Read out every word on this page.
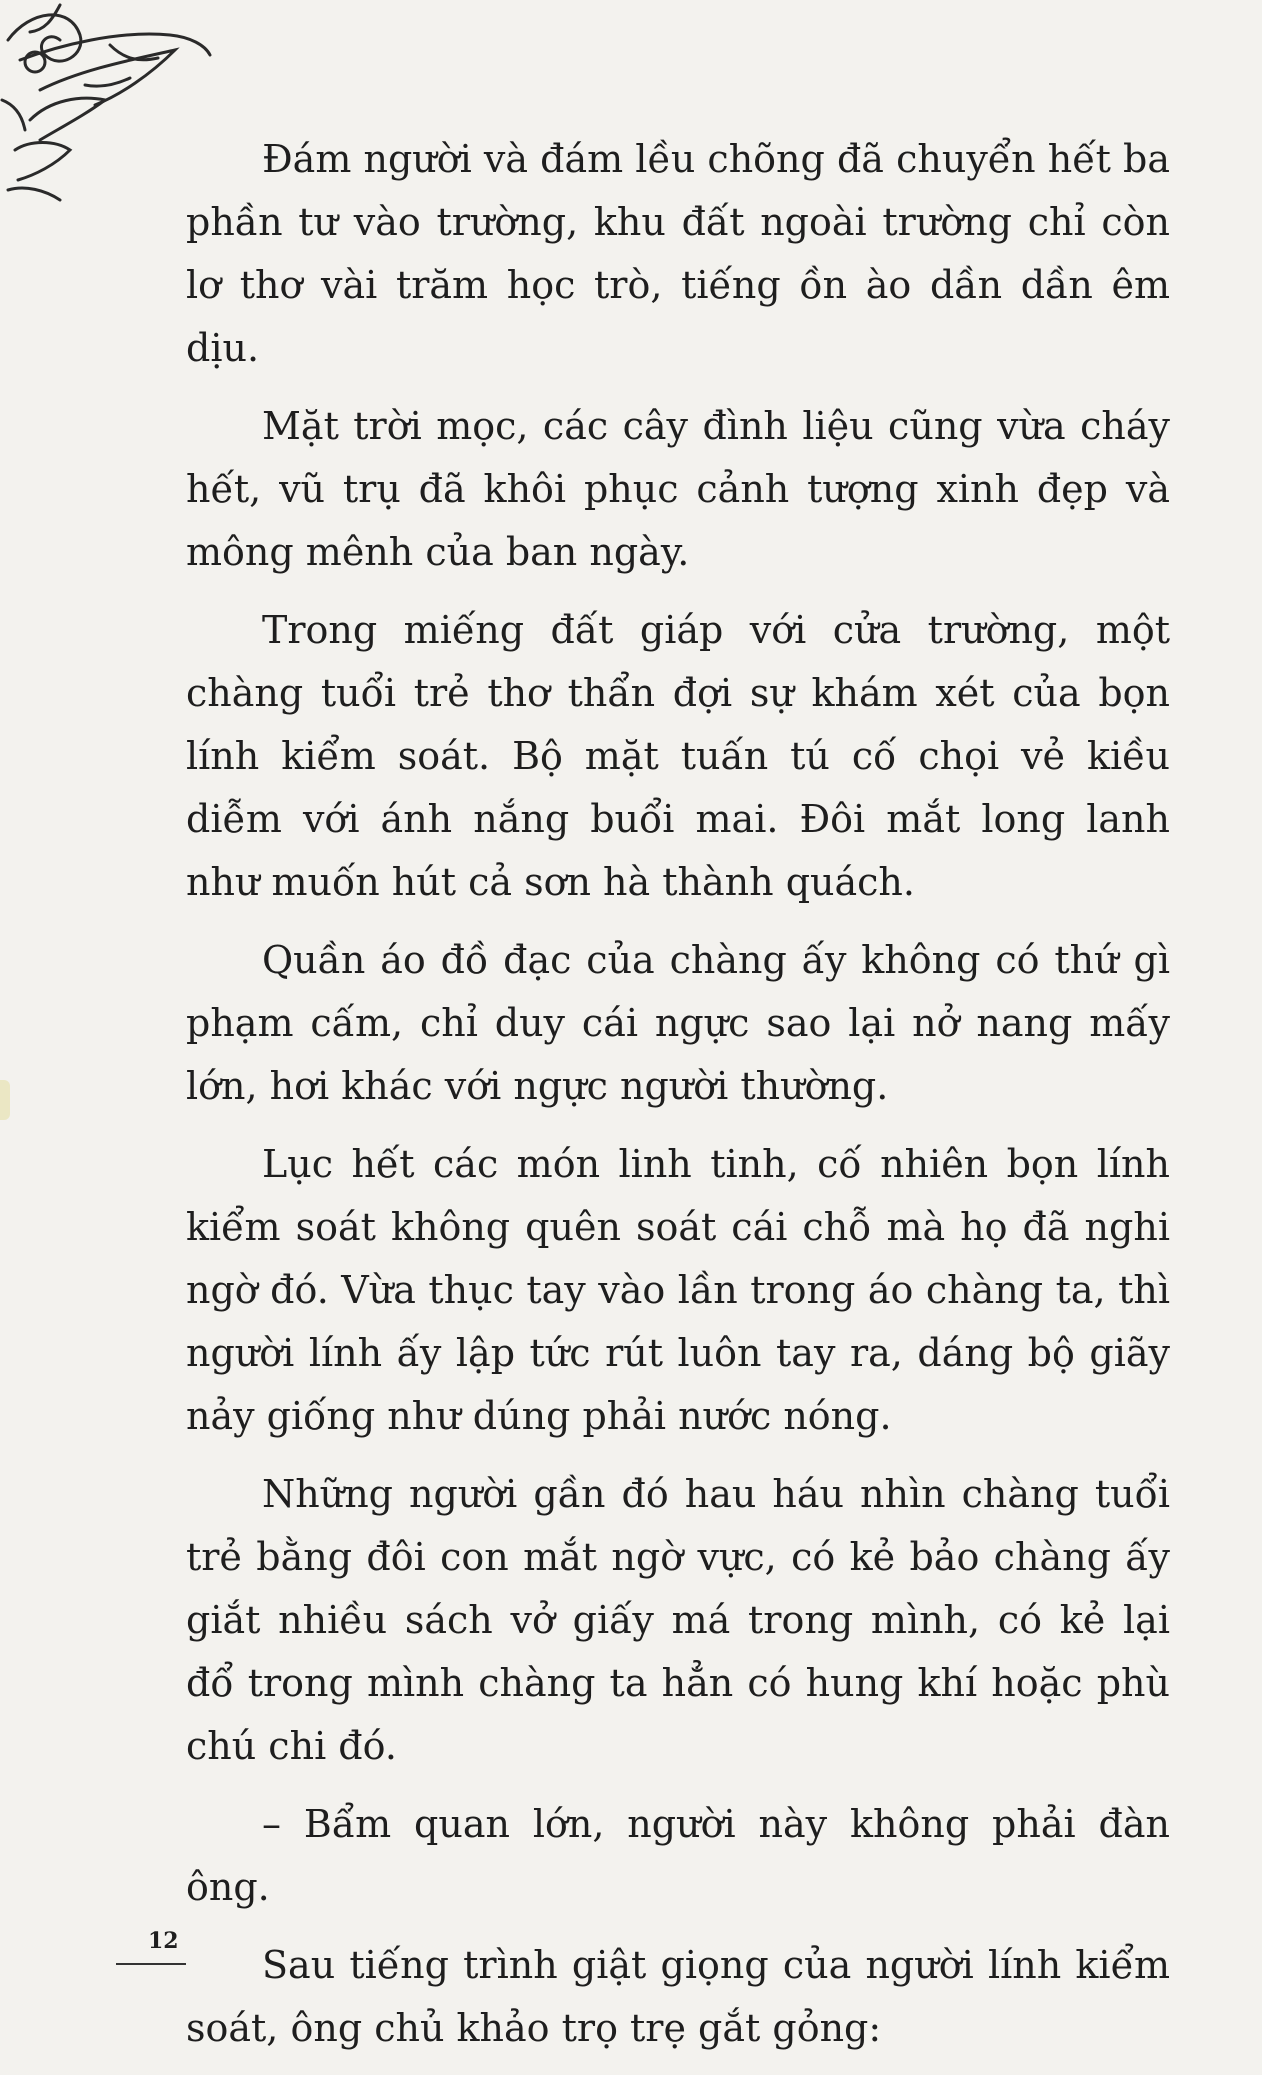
Đám người và đám lều chõng đã chuyển hết ba phần tư vào trường, khu đất ngoài trường chỉ còn lơ thơ vài trăm học trò, tiếng ồn ào dần dần êm dịu.

Mặt trời mọc, các cây đình liệu cũng vừa cháy hết, vũ trụ đã khôi phục cảnh tượng xinh đẹp và mông mênh của ban ngày.

Trong miếng đất giáp với cửa trường, một chàng tuổi trẻ thơ thẩn đợi sự khám xét của bọn lính kiểm soát. Bộ mặt tuấn tú cố chọi vẻ kiều diễm với ánh nắng buổi mai. Đôi mắt long lanh như muốn hút cả sơn hà thành quách.

Quần áo đồ đạc của chàng ấy không có thứ gì phạm cấm, chỉ duy cái ngực sao lại nở nang mấy lớn, hơi khác với ngực người thường.

Lục hết các món linh tinh, cố nhiên bọn lính kiểm soát không quên soát cái chỗ mà họ đã nghi ngờ đó. Vừa thục tay vào lần trong áo chàng ta, thì người lính ấy lập tức rút luôn tay ra, dáng bộ giãy nảy giống như dúng phải nước nóng.

Những người gần đó hau háu nhìn chàng tuổi trẻ bằng đôi con mắt ngờ vực, có kẻ bảo chàng ấy giắt nhiều sách vở giấy má trong mình, có kẻ lại đổ trong mình chàng ta hẳn có hung khí hoặc phù chú chi đó.

– Bẩm quan lớn, người này không phải đàn ông.

Sau tiếng trình giật giọng của người lính kiểm soát, ông chủ khảo trọ trẹ gắt gỏng:

12
